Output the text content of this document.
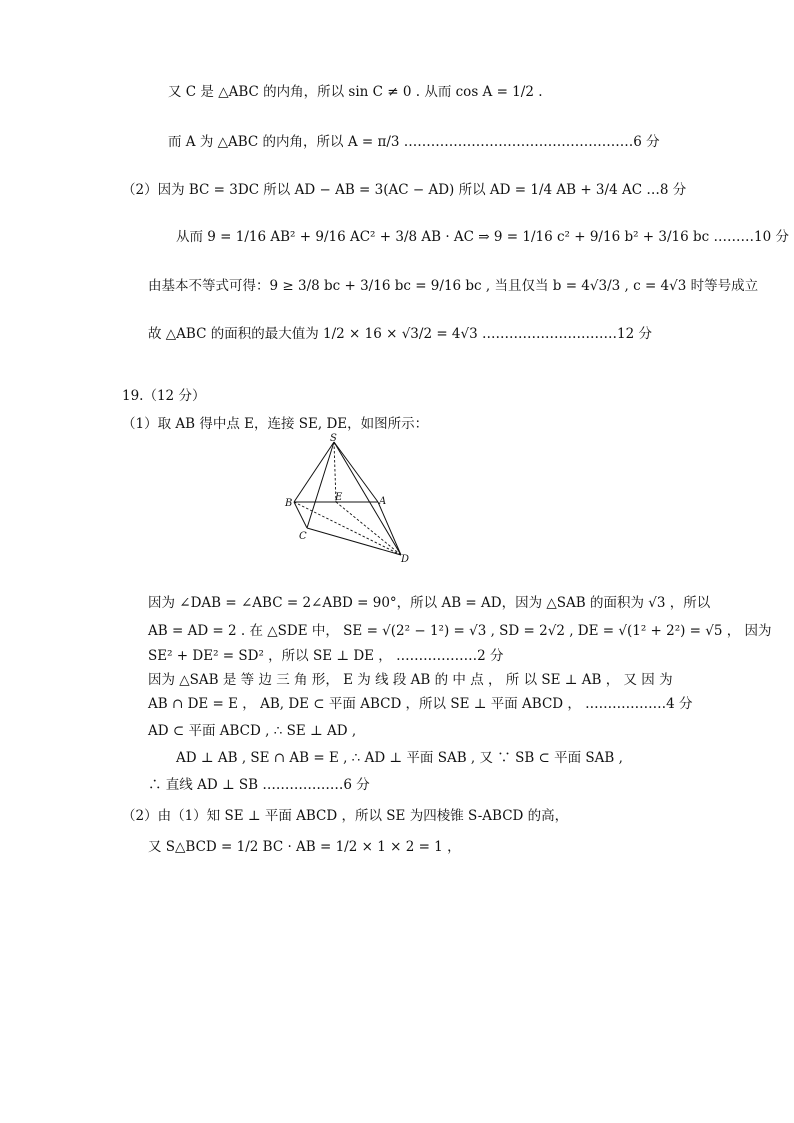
又 C 是 △ABC 的内角，所以 sin C ≠ 0 . 从而 cos A = 1/2 .
而 A 为 △ABC 的内角，所以 A = π/3 ……………………………………………6 分
（2）因为 BC = 3DC 所以 AD − AB = 3(AC − AD) 所以 AD = 1/4 AB + 3/4 AC …8 分
从而 9 = 1/16 AB² + 9/16 AC² + 3/8 AB · AC ⇒ 9 = 1/16 c² + 9/16 b² + 3/16 bc ………10 分
由基本不等式可得：9 ≥ 3/8 bc + 3/16 bc = 9/16 bc , 当且仅当 b = 4√3/3 , c = 4√3 时等号成立
故 △ABC 的面积的最大值为 1/2 × 16 × √3/2 = 4√3 …………………………12 分
19.（12 分）
（1）取 AB 得中点 E，连接 SE, DE，如图所示：
S
E	A
B
C
D
因为 ∠DAB = ∠ABC = 2∠ABD = 90°，所以 AB = AD，因为 △SAB 的面积为 √3 ，所以
AB = AD = 2 . 在 △SDE 中， SE = √(2² − 1²) = √3 , SD = 2√2 , DE = √(1² + 2²) = √5 ， 因为
SE² + DE² = SD² ，所以 SE ⊥ DE ， ………………2 分
因为 △SAB 是 等 边 三 角 形， E 为 线 段 AB 的 中 点 ， 所 以 SE ⊥ AB ， 又 因 为
AB ∩ DE = E ， AB, DE ⊂ 平面 ABCD ，所以 SE ⊥ 平面 ABCD ， ………………4 分
AD ⊂ 平面 ABCD , ∴ SE ⊥ AD ,
AD ⊥ AB , SE ∩ AB = E , ∴ AD ⊥ 平面 SAB , 又 ∵ SB ⊂ 平面 SAB ,
∴ 直线 AD ⊥ SB ………………6 分
（2）由（1）知 SE ⊥ 平面 ABCD ，所以 SE 为四棱锥 S-ABCD 的高，
又 S△BCD = 1/2 BC · AB = 1/2 × 1 × 2 = 1 ，
